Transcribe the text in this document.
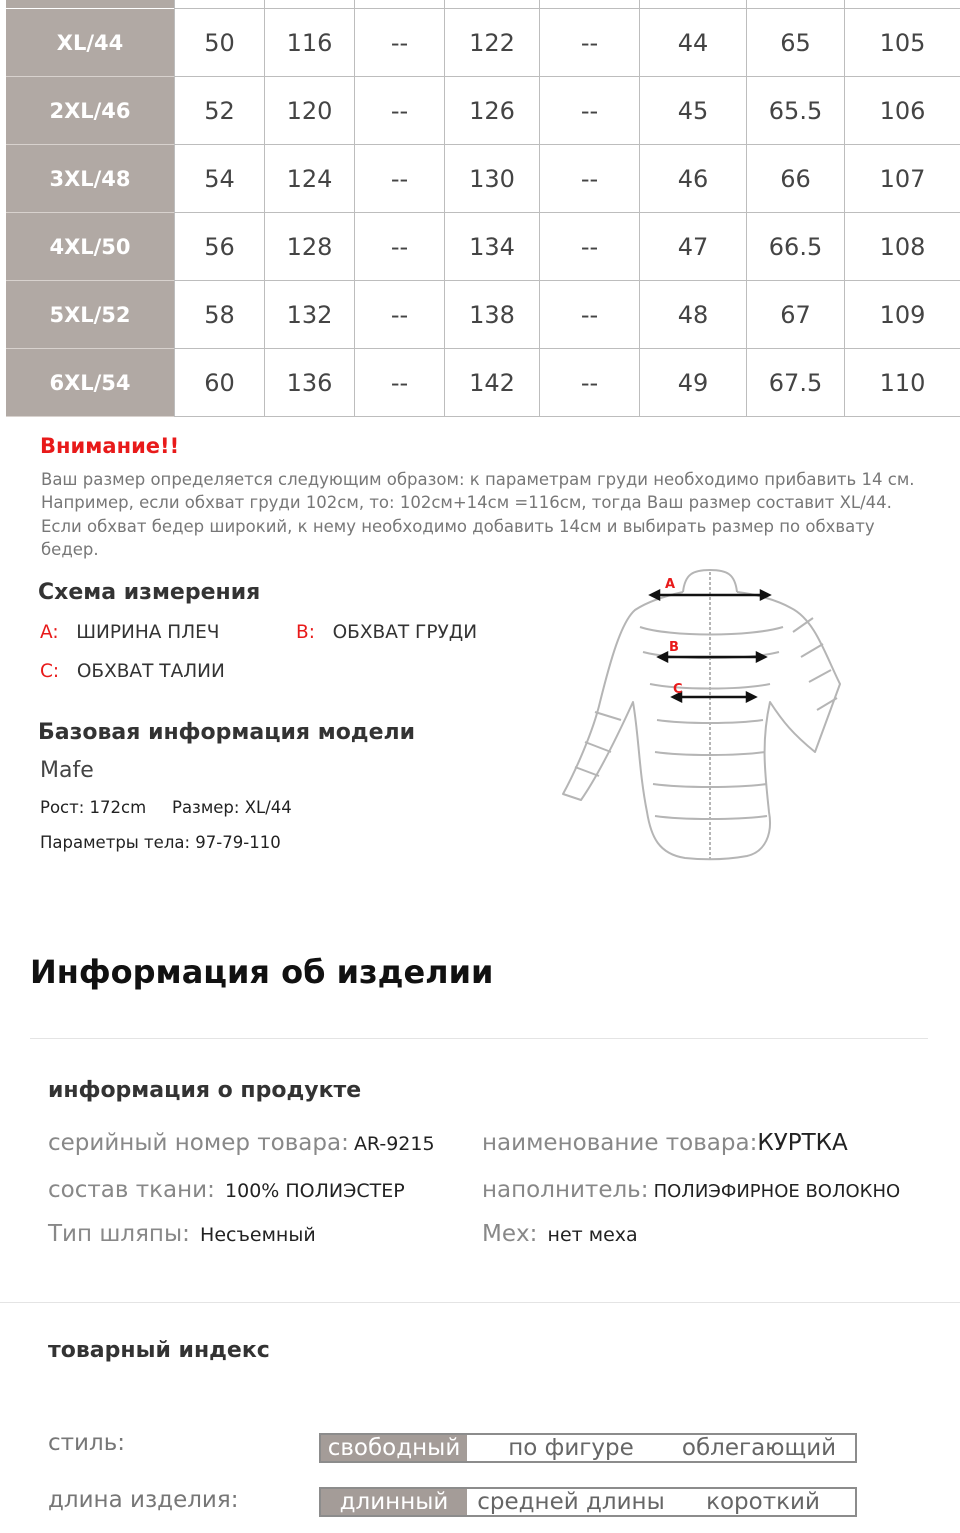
XL/44	50	116	--	122	--	44	65	105
2XL/46	52	120	--	126	--	45	65.5	106
3XL/48	54	124	--	130	--	46	66	107
4XL/50	56	128	--	134	--	47	66.5	108
5XL/52	58	132	--	138	--	48	67	109
6XL/54	60	136	--	142	--	49	67.5	110
Внимание!!
Ваш размер определяется следующим образом: к параметрам груди необходимо прибавить 14 см. Например, если обхват груди 102см, то: 102см+14см =116см, тогда Ваш размер составит XL/44. Если обхват бедер широкий, к нему необходимо добавить 14см и выбирать размер по обхвату бедер.
Схема измерения
A: ШИРИНА ПЛЕЧ	B: ОБХВАТ ГРУДИ
C: ОБХВАТ ТАЛИИ
Базовая информация модели
Mafe
Рост: 172cm Размер: XL/44
Параметры тела: 97-79-110
A
B
C
Информация об изделии
информация о продукте
серийный номер товара: AR-9215 наименование товара:КУРТКА
состав ткани: 100% ПОЛИЭСТЕР	наполнитель: ПОЛИЭФИРНОЕ ВОЛОКНО
Тип шляпы: Несъемный	Мех: нет меха
товарный индекс
стиль:	свободный	по фигуре	облегающий
длина изделия:	длинный	средней длины	короткий
